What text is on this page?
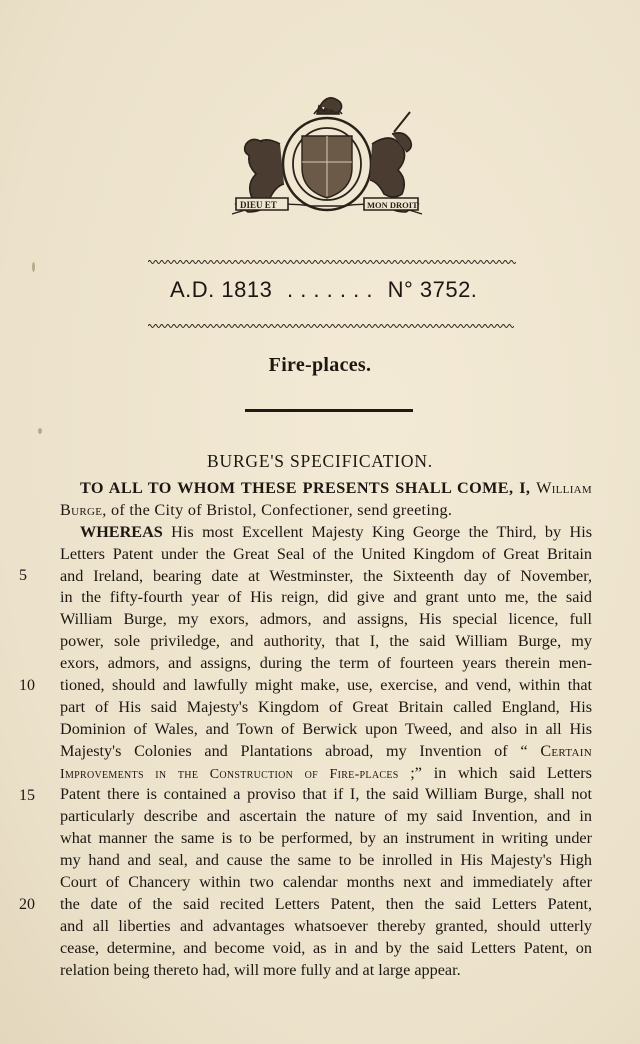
DIEU ET	MON DROIT
A.D. 1813 . . . . . . . N° 3752.
Fire-places.
BURGE'S SPECIFICATION.
TO ALL TO WHOM THESE PRESENTS SHALL COME, I, William
Burge, of the City of Bristol, Confectioner, send greeting.
WHEREAS His most Excellent Majesty King George the Third, by His
Letters Patent under the Great Seal of the United Kingdom of Great Britain
and Ireland, bearing date at Westminster, the Sixteenth day of November,
in the fifty-fourth year of His reign, did give and grant unto me, the said
William Burge, my exors, admors, and assigns, His special licence, full
power, sole priviledge, and authority, that I, the said William Burge, my
exors, admors, and assigns, during the term of fourteen years therein men-
tioned, should and lawfully might make, use, exercise, and vend, within that
part of His said Majesty's Kingdom of Great Britain called England, His
Dominion of Wales, and Town of Berwick upon Tweed, and also in all His
Majesty's Colonies and Plantations abroad, my Invention of “ Certain
Improvements in the Construction of Fire-places ;” in which said Letters
Patent there is contained a proviso that if I, the said William Burge, shall not
particularly describe and ascertain the nature of my said Invention, and in
what manner the same is to be performed, by an instrument in writing under
my hand and seal, and cause the same to be inrolled in His Majesty's High
Court of Chancery within two calendar months next and immediately after
the date of the said recited Letters Patent, then the said Letters Patent,
and all liberties and advantages whatsoever thereby granted, should utterly
cease, determine, and become void, as in and by the said Letters Patent, on
relation being thereto had, will more fully and at large appear.
5
10
15
20
